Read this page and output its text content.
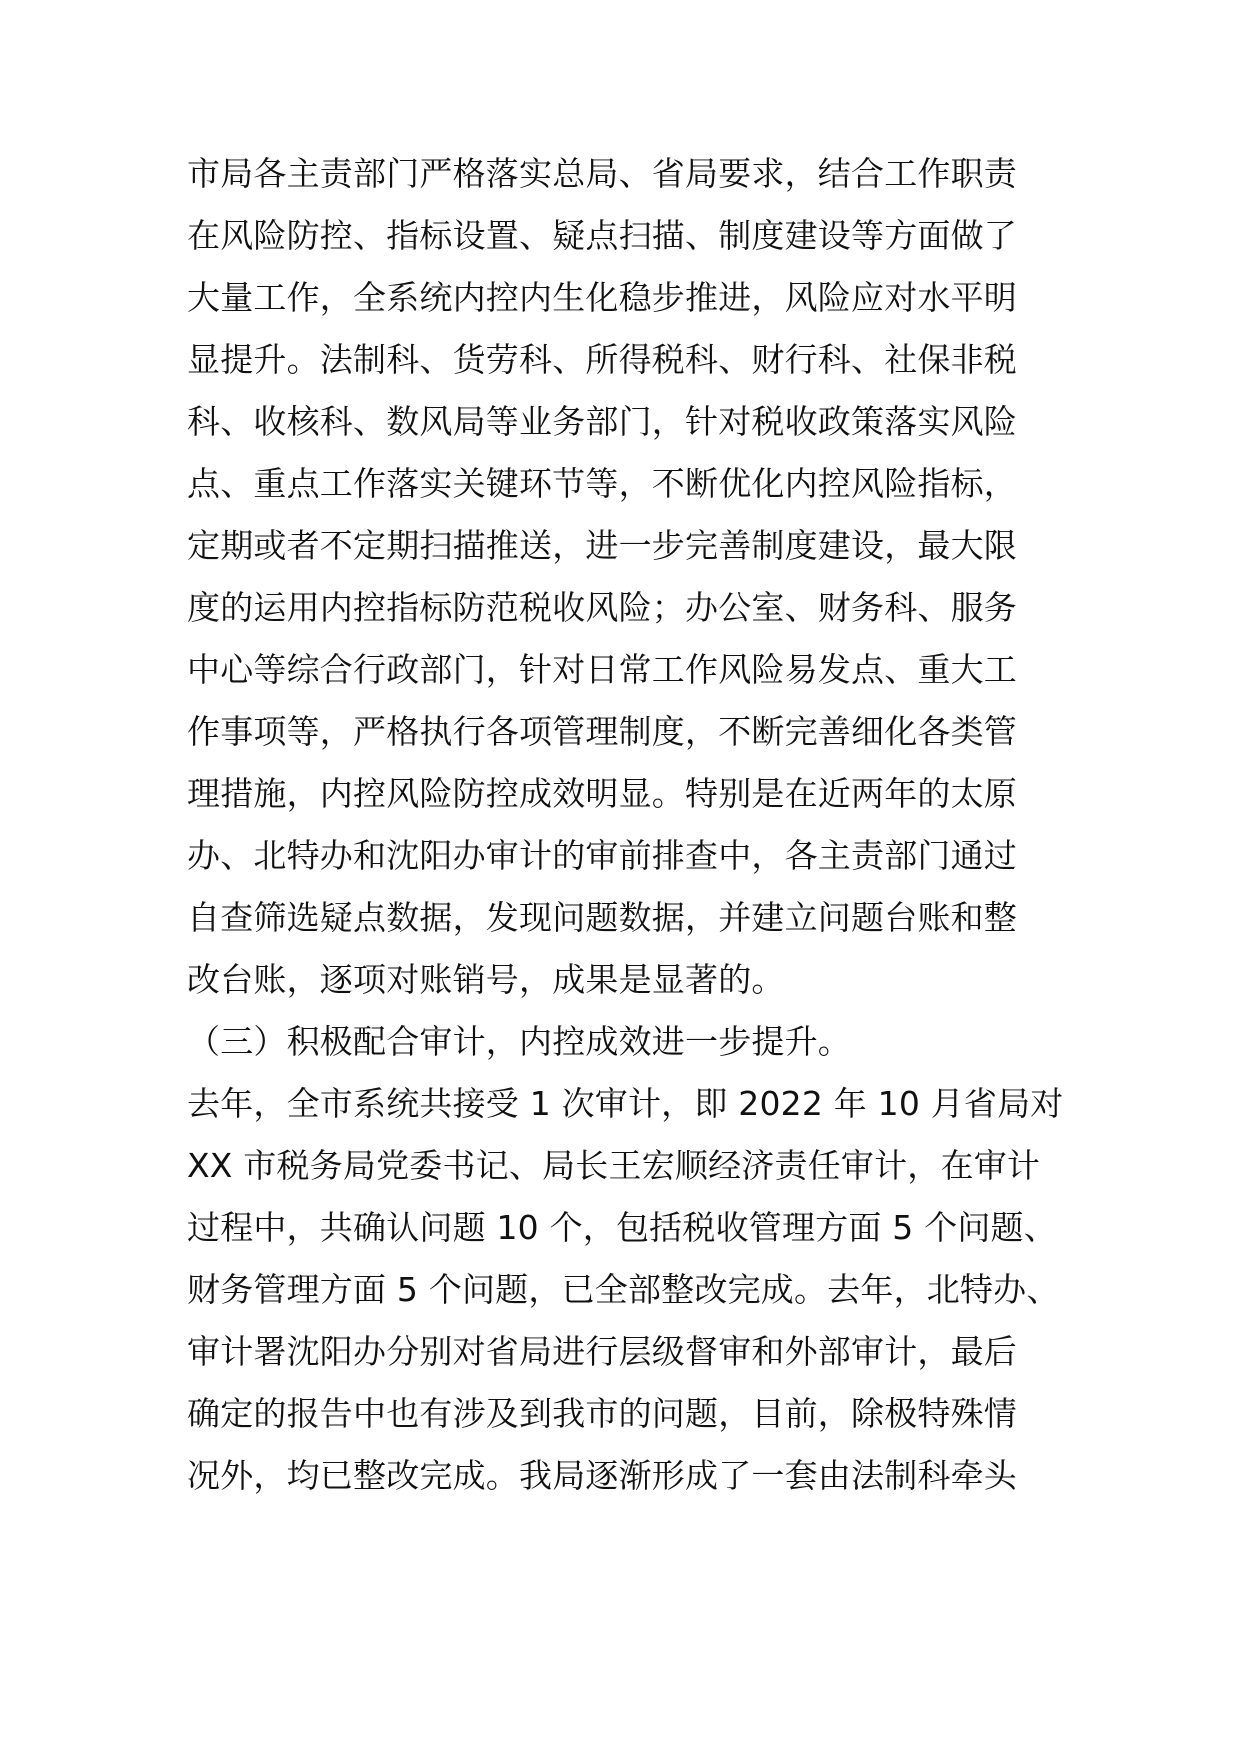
市局各主责部门严格落实总局、省局要求，结合工作职责
在风险防控、指标设置、疑点扫描、制度建设等方面做了
大量工作，全系统内控内生化稳步推进，风险应对水平明
显提升。法制科、货劳科、所得税科、财行科、社保非税
科、收核科、数风局等业务部门，针对税收政策落实风险
点、重点工作落实关键环节等，不断优化内控风险指标，
定期或者不定期扫描推送，进一步完善制度建设，最大限
度的运用内控指标防范税收风险；办公室、财务科、服务
中心等综合行政部门，针对日常工作风险易发点、重大工
作事项等，严格执行各项管理制度，不断完善细化各类管
理措施，内控风险防控成效明显。特别是在近两年的太原
办、北特办和沈阳办审计的审前排查中，各主责部门通过
自查筛选疑点数据，发现问题数据，并建立问题台账和整
改台账，逐项对账销号，成果是显著的。
（三）积极配合审计，内控成效进一步提升。
去年，全市系统共接受 1 次审计，即 2022 年 10 月省局对
XX 市税务局党委书记、局长王宏顺经济责任审计，在审计
过程中，共确认问题 10 个，包括税收管理方面 5 个问题、
财务管理方面 5 个问题，已全部整改完成。去年，北特办、
审计署沈阳办分别对省局进行层级督审和外部审计，最后
确定的报告中也有涉及到我市的问题，目前，除极特殊情
况外，均已整改完成。我局逐渐形成了一套由法制科牵头
